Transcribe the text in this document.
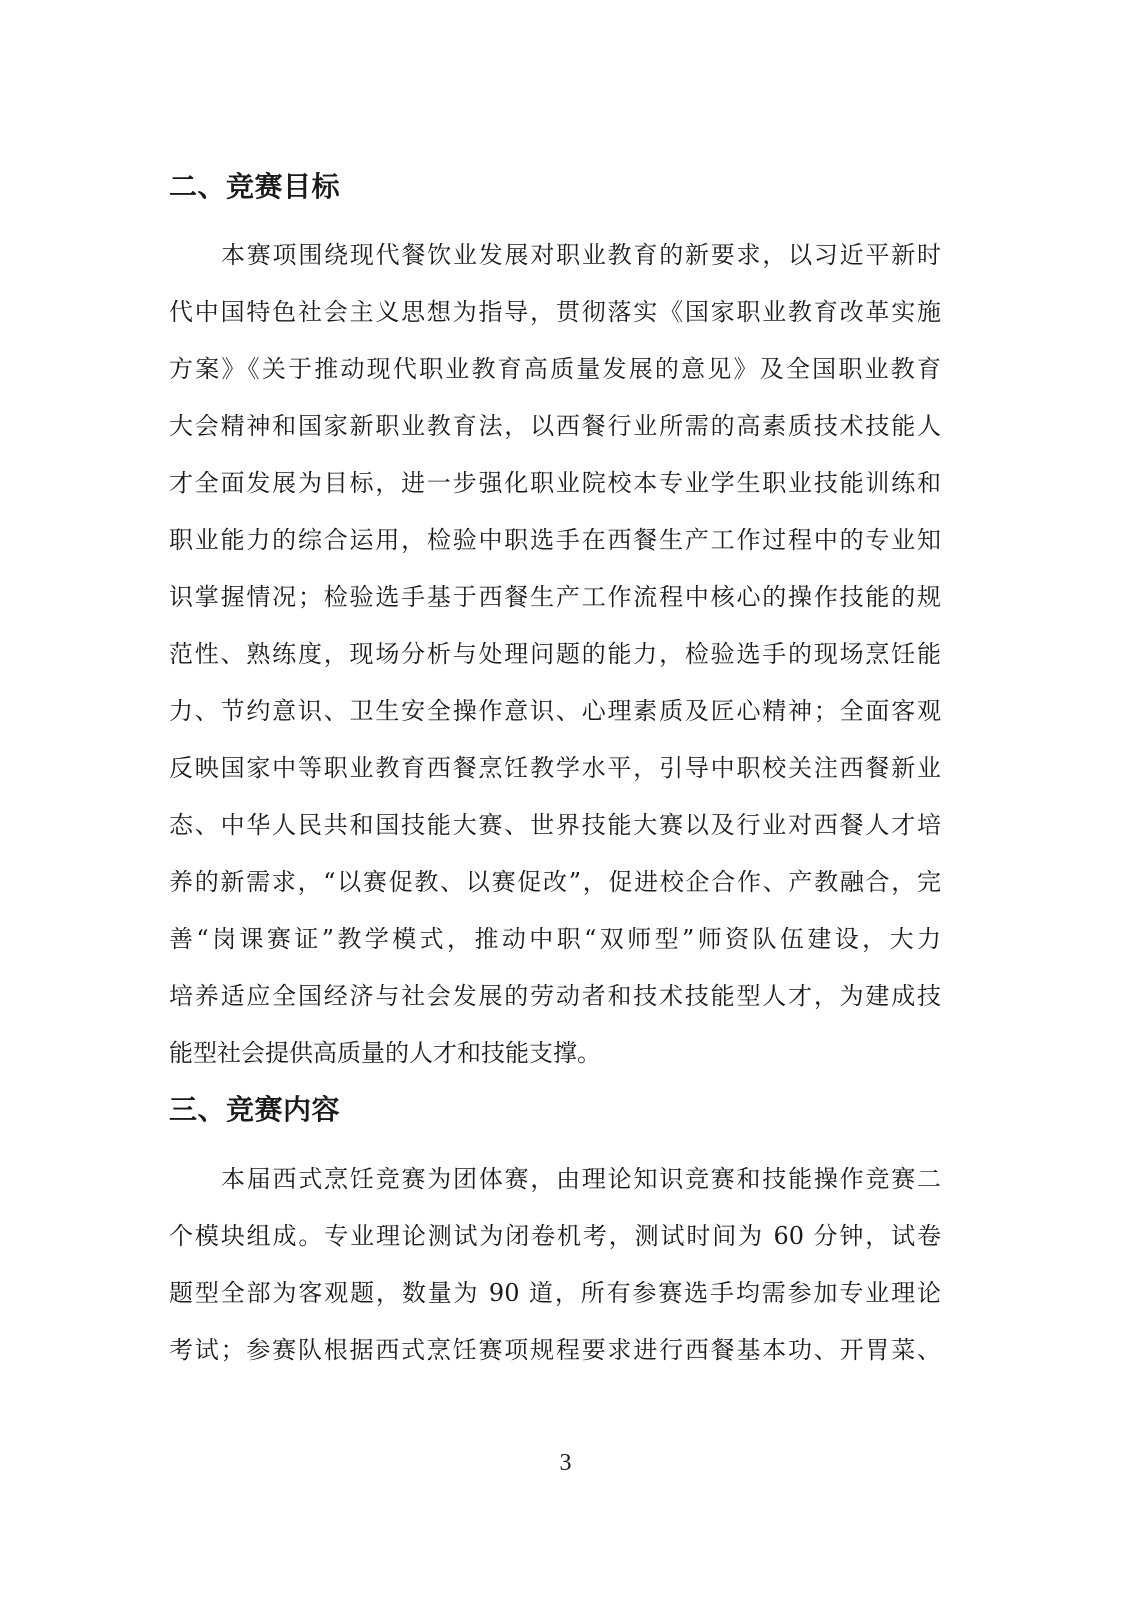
二、竞赛目标
本赛项围绕现代餐饮业发展对职业教育的新要求，以习近平新时
代中国特色社会主义思想为指导，贯彻落实《国家职业教育改革实施
方案》《关于推动现代职业教育高质量发展的意见》及全国职业教育
大会精神和国家新职业教育法，以西餐行业所需的高素质技术技能人
才全面发展为目标，进一步强化职业院校本专业学生职业技能训练和
职业能力的综合运用，检验中职选手在西餐生产工作过程中的专业知
识掌握情况；检验选手基于西餐生产工作流程中核心的操作技能的规
范性、熟练度，现场分析与处理问题的能力，检验选手的现场烹饪能
力、节约意识、卫生安全操作意识、心理素质及匠心精神；全面客观
反映国家中等职业教育西餐烹饪教学水平，引导中职校关注西餐新业
态、中华人民共和国技能大赛、世界技能大赛以及行业对西餐人才培
养的新需求，“以赛促教、以赛促改”，促进校企合作、产教融合，完
善“岗课赛证”教学模式，推动中职“双师型”师资队伍建设，大力
培养适应全国经济与社会发展的劳动者和技术技能型人才，为建成技
能型社会提供高质量的人才和技能支撑。
三、竞赛内容
本届西式烹饪竞赛为团体赛，由理论知识竞赛和技能操作竞赛二
个模块组成。专业理论测试为闭卷机考，测试时间为 60 分钟，试卷
题型全部为客观题，数量为 90 道，所有参赛选手均需参加专业理论
考试；参赛队根据西式烹饪赛项规程要求进行西餐基本功、开胃菜、
3
